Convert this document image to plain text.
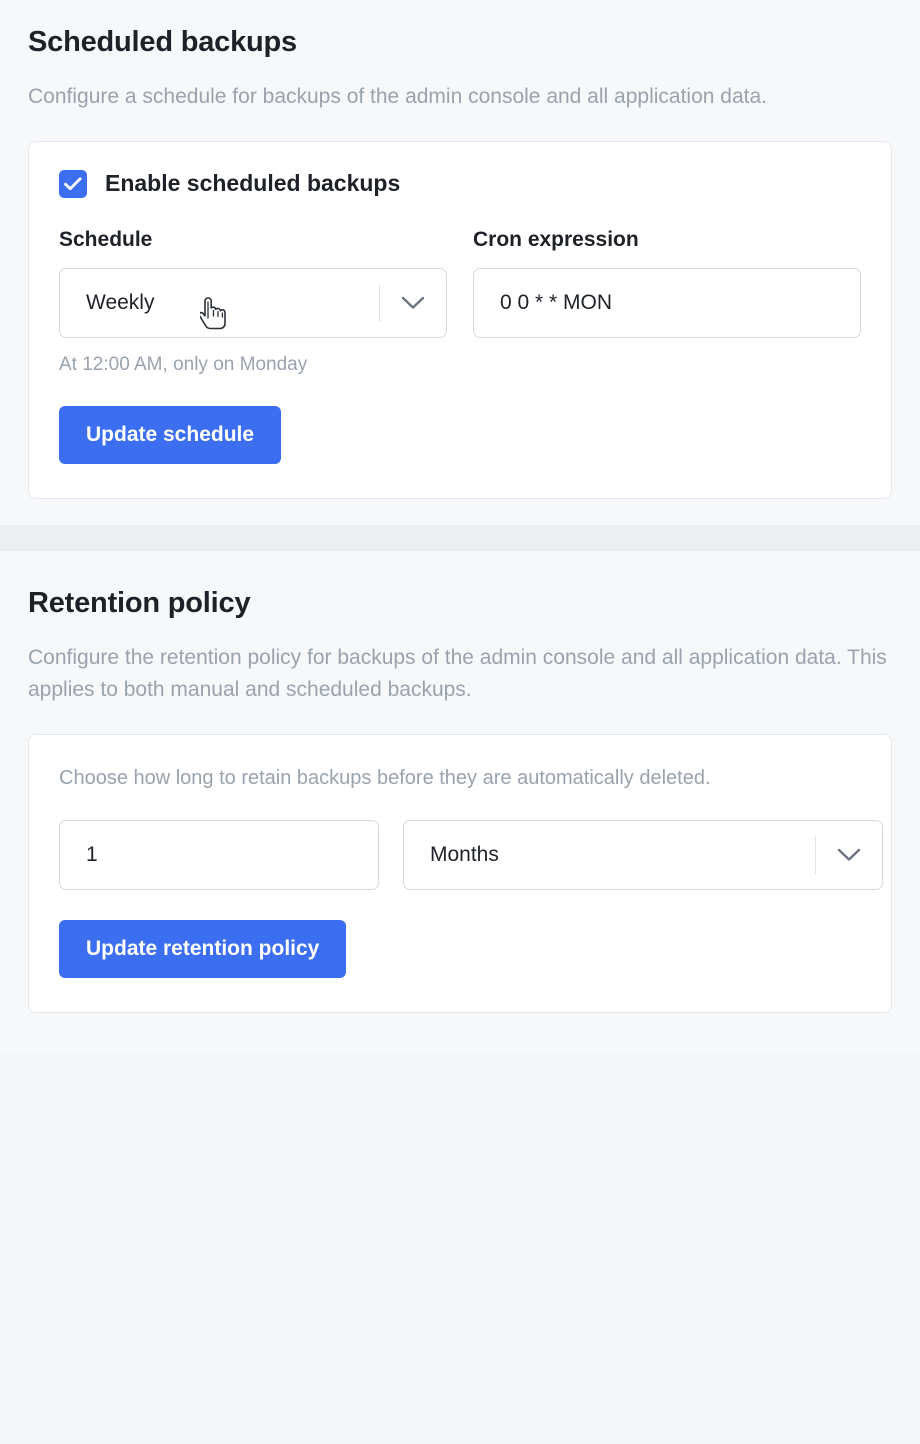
Scheduled backups

Configure a schedule for backups of the admin console and all application data.

Enable scheduled backups
Schedule
Weekly
At 12:00 AM, only on Monday
Cron expression
0 0 * * MON
Update schedule
Retention policy

Configure the retention policy for backups of the admin console and all application data. This applies to both manual and scheduled backups.

Choose how long to retain backups before they are automatically deleted.

1	Months
Update retention policy
